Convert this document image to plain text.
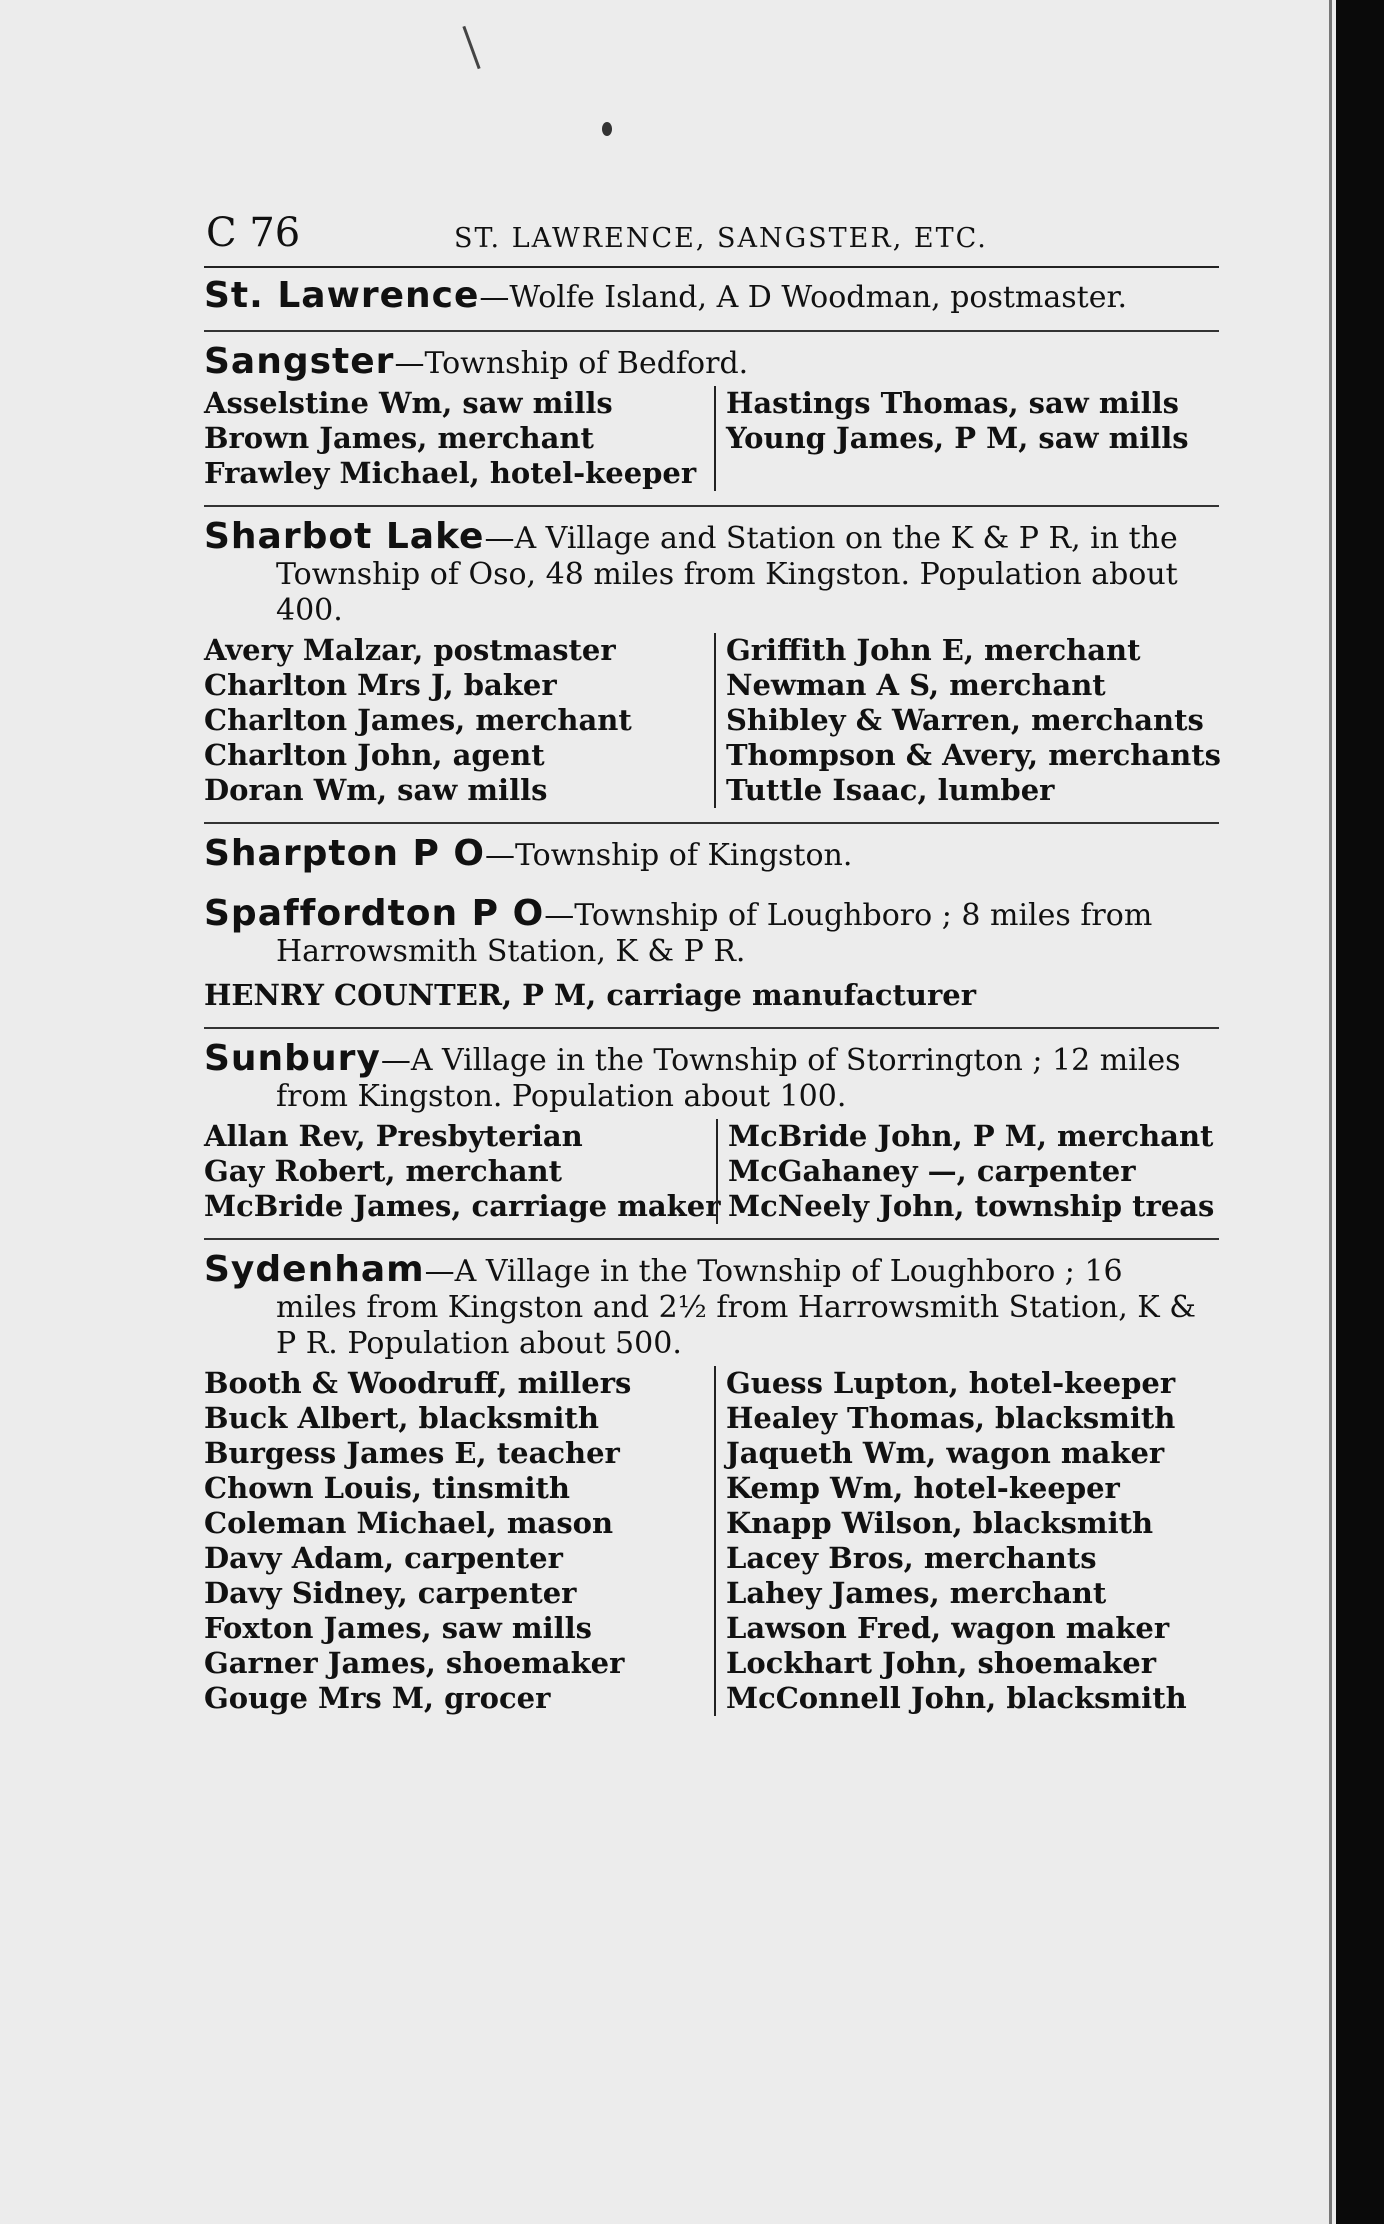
C 76	ST. LAWRENCE, SANGSTER, ETC.

St. Lawrence—Wolfe Island, A D Woodman, postmaster.

Sangster—Township of Bedford.

Asselstine Wm, saw mills
Brown James, merchant
Frawley Michael, hotel-keeper
Hastings Thomas, saw mills
Young James, P M, saw mills

Sharbot Lake—A Village and Station on the K & P R, in the

Township of Oso, 48 miles from Kingston. Population about 400.

Avery Malzar, postmaster
Charlton Mrs J, baker
Charlton James, merchant
Charlton John, agent
Doran Wm, saw mills
Griffith John E, merchant
Newman A S, merchant
Shibley & Warren, merchants
Thompson & Avery, merchants
Tuttle Isaac, lumber

Sharpton P O—Township of Kingston.

Spaffordton P O—Township of Loughboro ; 8 miles from

Harrowsmith Station, K & P R.

HENRY COUNTER, P M, carriage manufacturer

Sunbury—A Village in the Township of Storrington ; 12 miles

from Kingston. Population about 100.

Allan Rev, Presbyterian
Gay Robert, merchant
McBride James, carriage maker
McBride John, P M, merchant
McGahaney —, carpenter
McNeely John, township treas

Sydenham—A Village in the Township of Loughboro ; 16

miles from Kingston and 2½ from Harrowsmith Station, K & P R. Population about 500.

Booth & Woodruff, millers
Buck Albert, blacksmith
Burgess James E, teacher
Chown Louis, tinsmith
Coleman Michael, mason
Davy Adam, carpenter
Davy Sidney, carpenter
Foxton James, saw mills
Garner James, shoemaker
Gouge Mrs M, grocer
Guess Lupton, hotel-keeper
Healey Thomas, blacksmith
Jaqueth Wm, wagon maker
Kemp Wm, hotel-keeper
Knapp Wilson, blacksmith
Lacey Bros, merchants
Lahey James, merchant
Lawson Fred, wagon maker
Lockhart John, shoemaker
McConnell John, blacksmith
